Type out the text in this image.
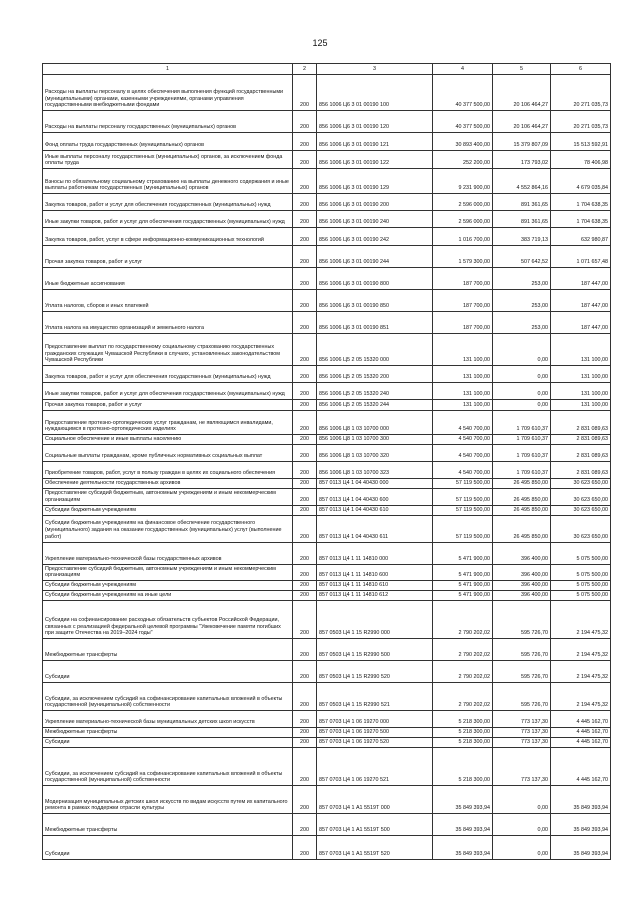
125
1	2	3	4	5	6
Расходы на выплаты персоналу в целях обеспечения выполнения функций государственными (муниципальными) органами, казенными учреждениями, органами управления государственными внебюджетными фондами	200	856 1006 Ц6 3 01 00190 100	40 377 500,00	20 106 464,27	20 271 035,73
Расходы на выплаты персоналу государственных (муниципальных) органов	200	856 1006 Ц6 3 01 00190 120	40 377 500,00	20 106 464,27	20 271 035,73
Фонд оплаты труда государственных (муниципальных) органов	200	856 1006 Ц6 3 01 00190 121	30 893 400,00	15 379 807,09	15 513 592,91
Иные выплаты персоналу государственных (муниципальных) органов, за исключением фонда оплаты труда	200	856 1006 Ц6 3 01 00190 122	252 200,00	173 793,02	78 406,98
Взносы по обязательному социальному страхованию на выплаты денежного содержания и иные выплаты работникам государственных (муниципальных) органов	200	856 1006 Ц6 3 01 00190 129	9 231 900,00	4 552 864,16	4 679 035,84
Закупка товаров, работ и услуг для обеспечения государственных (муниципальных) нужд	200	856 1006 Ц6 3 01 00190 200	2 596 000,00	891 361,65	1 704 638,35
Иные закупки товаров, работ и услуг для обеспечения государственных (муниципальных) нужд	200	856 1006 Ц6 3 01 00190 240	2 596 000,00	891 361,65	1 704 638,35
Закупка товаров, работ, услуг в сфере информационно-коммуникационных технологий	200	856 1006 Ц6 3 01 00190 242	1 016 700,00	383 719,13	632 980,87
Прочая закупка товаров, работ и услуг	200	856 1006 Ц6 3 01 00190 244	1 579 300,00	507 642,52	1 071 657,48
Иные бюджетные ассигнования	200	856 1006 Ц6 3 01 00190 800	187 700,00	253,00	187 447,00
Уплата налогов, сборов и иных платежей	200	856 1006 Ц6 3 01 00190 850	187 700,00	253,00	187 447,00
Уплата налога на имущество организаций и земельного налога	200	856 1006 Ц6 3 01 00190 851	187 700,00	253,00	187 447,00
Предоставление выплат по государственному социальному страхованию государственных гражданских служащих Чувашской Республики в случаях, установленных законодательством Чувашской Республики	200	856 1006 Ц5 2 05 15320 000	131 100,00	0,00	131 100,00
Закупка товаров, работ и услуг для обеспечения государственных (муниципальных) нужд	200	856 1006 Ц5 2 05 15320 200	131 100,00	0,00	131 100,00
Иные закупки товаров, работ и услуг для обеспечения государственных (муниципальных) нужд	200	856 1006 Ц5 2 05 15320 240	131 100,00	0,00	131 100,00
Прочая закупка товаров, работ и услуг	200	856 1006 Ц5 2 05 15320 244	131 100,00	0,00	131 100,00
Предоставление протезно-ортопедических услуг гражданам, не являющимся инвалидами, нуждающимся в протезно-ортопедических изделиях	200	856 1006 Ц8 1 03 10700 000	4 540 700,00	1 709 610,37	2 831 089,63
Социальное обеспечение и иные выплаты населению	200	856 1006 Ц8 1 03 10700 300	4 540 700,00	1 709 610,37	2 831 089,63
Социальные выплаты гражданам, кроме публичных нормативных социальных выплат	200	856 1006 Ц8 1 03 10700 320	4 540 700,00	1 709 610,37	2 831 089,63
Приобретение товаров, работ, услуг в пользу граждан в целях их социального обеспечения	200	856 1006 Ц8 1 03 10700 323	4 540 700,00	1 709 610,37	2 831 089,63
Обеспечение деятельности государственных архивов	200	857 0113 Ц4 1 04 40430 000	57 119 500,00	26 495 850,00	30 623 650,00
Предоставление субсидий бюджетным, автономным учреждениям и иным некоммерческим организациям	200	857 0113 Ц4 1 04 40430 600	57 119 500,00	26 495 850,00	30 623 650,00
Субсидии бюджетным учреждениям	200	857 0113 Ц4 1 04 40430 610	57 119 500,00	26 495 850,00	30 623 650,00
Субсидии бюджетным учреждениям на финансовое обеспечение государственного (муниципального) задания на оказание государственных (муниципальных) услуг (выполнение работ)	200	857 0113 Ц4 1 04 40430 611	57 119 500,00	26 495 850,00	30 623 650,00
Укрепление материально-технической базы государственных архивов	200	857 0113 Ц4 1 11 14810 000	5 471 900,00	396 400,00	5 075 500,00
Предоставление субсидий бюджетным, автономным учреждениям и иным некоммерческим организациям	200	857 0113 Ц4 1 11 14810 600	5 471 900,00	396 400,00	5 075 500,00
Субсидии бюджетным учреждениям	200	857 0113 Ц4 1 11 14810 610	5 471 900,00	396 400,00	5 075 500,00
Субсидии бюджетным учреждениям на иные цели	200	857 0113 Ц4 1 11 14810 612	5 471 900,00	396 400,00	5 075 500,00
Субсидии на софинансирование расходных обязательств субъектов Российской Федерации, связанных с реализацией федеральной целевой программы "Увековечение памяти погибших при защите Отечества на 2019–2024 годы"	200	857 0503 Ц4 1 15 R2990 000	2 790 202,02	595 726,70	2 194 475,32
Межбюджетные трансферты	200	857 0503 Ц4 1 15 R2990 500	2 790 202,02	595 726,70	2 194 475,32
Субсидии	200	857 0503 Ц4 1 15 R2990 520	2 790 202,02	595 726,70	2 194 475,32
Субсидии, за исключением субсидий на софинансирование капитальных вложений в объекты государственной (муниципальной) собственности	200	857 0503 Ц4 1 15 R2990 521	2 790 202,02	595 726,70	2 194 475,32
Укрепление материально-технической базы муниципальных детских школ искусств	200	857 0703 Ц4 1 06 19270 000	5 218 300,00	773 137,30	4 445 162,70
Межбюджетные трансферты	200	857 0703 Ц4 1 06 19270 500	5 218 300,00	773 137,30	4 445 162,70
Субсидии	200	857 0703 Ц4 1 06 19270 520	5 218 300,00	773 137,30	4 445 162,70
Субсидии, за исключением субсидий на софинансирование капитальных вложений в объекты государственной (муниципальной) собственности	200	857 0703 Ц4 1 06 19270 521	5 218 300,00	773 137,30	4 445 162,70
Модернизация муниципальных детских школ искусств по видам искусств путем их капитального ремонта в рамках поддержки отрасли культуры	200	857 0703 Ц4 1 A1 5519T 000	35 849 393,94	0,00	35 849 393,94
Межбюджетные трансферты	200	857 0703 Ц4 1 A1 5519T 500	35 849 393,94	0,00	35 849 393,94
Субсидии	200	857 0703 Ц4 1 A1 5519T 520	35 849 393,94	0,00	35 849 393,94
